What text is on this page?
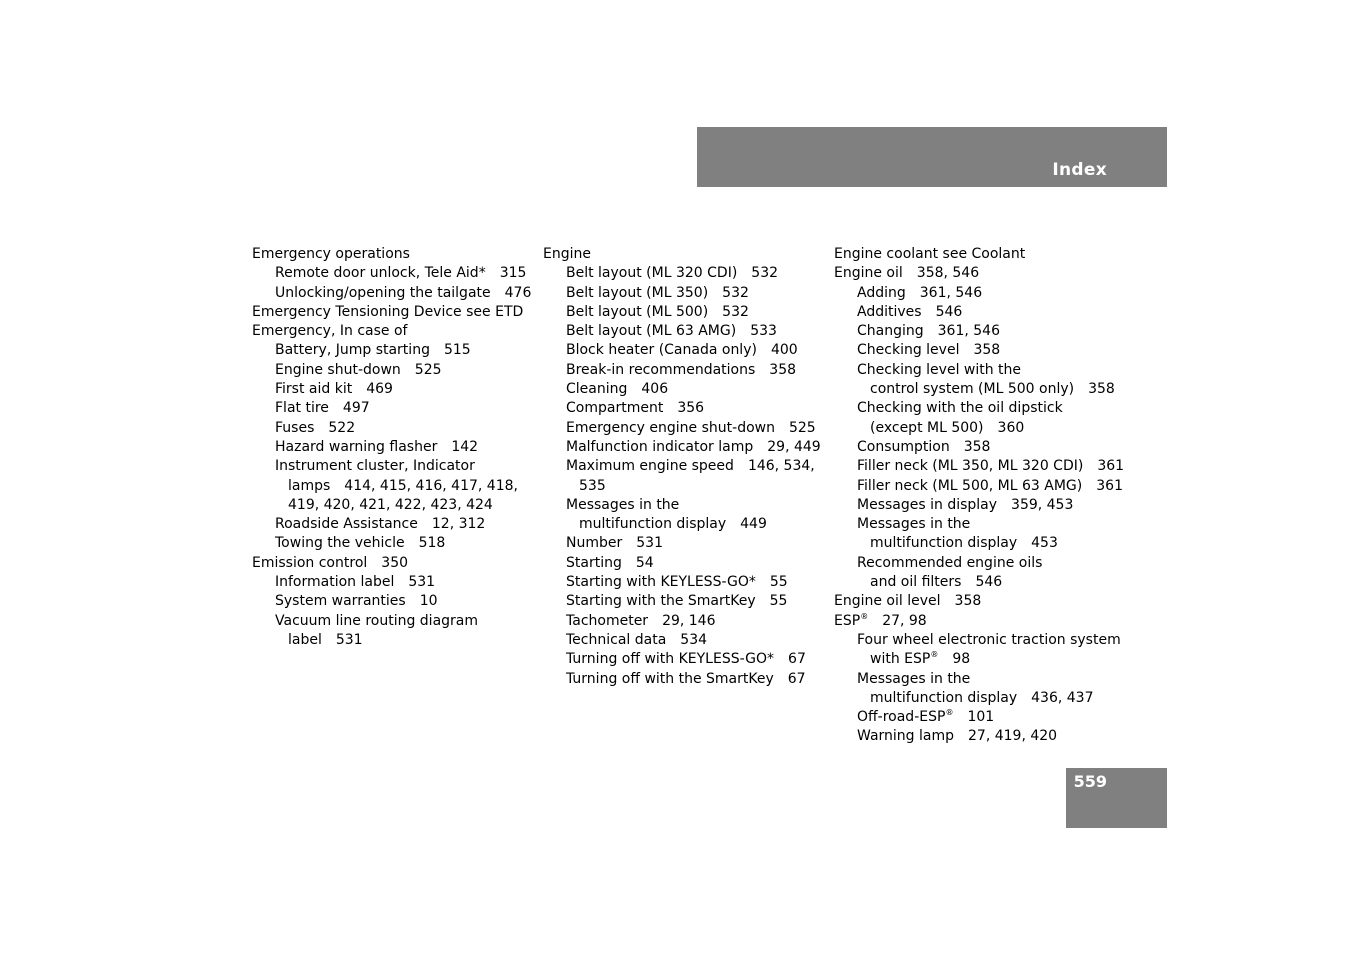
Index
Emergency operations
Remote door unlock, Tele Aid* 315
Unlocking/opening the tailgate 476
Emergency Tensioning Device see ETD
Emergency, In case of
Battery, Jump starting 515
Engine shut-down 525
First aid kit 469
Flat tire 497
Fuses 522
Hazard warning flasher 142
Instrument cluster, Indicator
lamps 414, 415, 416, 417, 418,
419, 420, 421, 422, 423, 424
Roadside Assistance 12, 312
Towing the vehicle 518
Emission control 350
Information label 531
System warranties 10
Vacuum line routing diagram
label 531
Engine
Belt layout (ML 320 CDI) 532
Belt layout (ML 350) 532
Belt layout (ML 500) 532
Belt layout (ML 63 AMG) 533
Block heater (Canada only) 400
Break-in recommendations 358
Cleaning 406
Compartment 356
Emergency engine shut-down 525
Malfunction indicator lamp 29, 449
Maximum engine speed 146, 534,
535
Messages in the
multifunction display 449
Number 531
Starting 54
Starting with KEYLESS-GO* 55
Starting with the SmartKey 55
Tachometer 29, 146
Technical data 534
Turning off with KEYLESS-GO* 67
Turning off with the SmartKey 67
Engine coolant see Coolant
Engine oil 358, 546
Adding 361, 546
Additives 546
Changing 361, 546
Checking level 358
Checking level with the
control system (ML 500 only) 358
Checking with the oil dipstick
(except ML 500) 360
Consumption 358
Filler neck (ML 350, ML 320 CDI) 361
Filler neck (ML 500, ML 63 AMG) 361
Messages in display 359, 453
Messages in the
multifunction display 453
Recommended engine oils
and oil filters 546
Engine oil level 358
ESP® 27, 98
Four wheel electronic traction system
with ESP® 98
Messages in the
multifunction display 436, 437
Off-road-ESP® 101
Warning lamp 27, 419, 420
559
